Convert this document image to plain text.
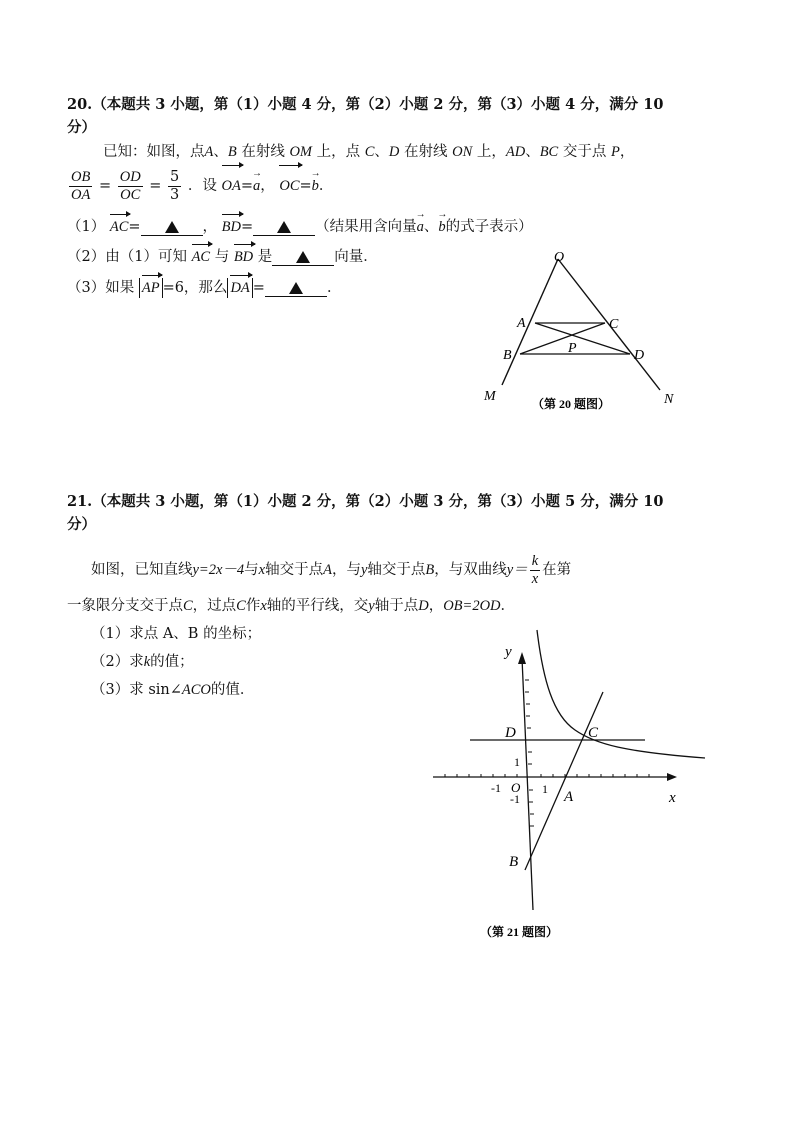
20.（本题共 3 小题，第（1）小题 4 分，第（2）小题 2 分，第（3）小题 4 分，满分 10
分）
已知：如图，点A、B 在射线 OM 上，点 C、D 在射线 ON 上，AD、BC 交于点 P，
$\frac{OB}{OA} = \frac{OD}{OC} = \frac{5}{3}$ ．设 OA=a →， OC=b →．
（1） AC=	， BD=	（结果用含向量a →、b →的式子表示）
（2）由（1）可知 AC 与 BD 是	向量．
（3）如果 AP =6，那么 DA =	．
O
A
B
C
D
P
M	N
（第 20 题图）
21.（本题共 3 小题，第（1）小题 2 分，第（2）小题 3 分，第（3）小题 5 分，满分 10
分）
如图，已知直线y=2x－4与x轴交于点A，与y轴交于点B，与双曲线$y= \frac{k}{x}$ 在第
一象限分支交于点C，过点C作x轴的平行线，交y轴于点D，OB=2OD．
（1）求点 A、B 的坐标；
（2）求k的值；
（3）求 sin∠ACO的值．
y
x
D	C
1
-1 O
-1
1 A
B
（第 21 题图）
